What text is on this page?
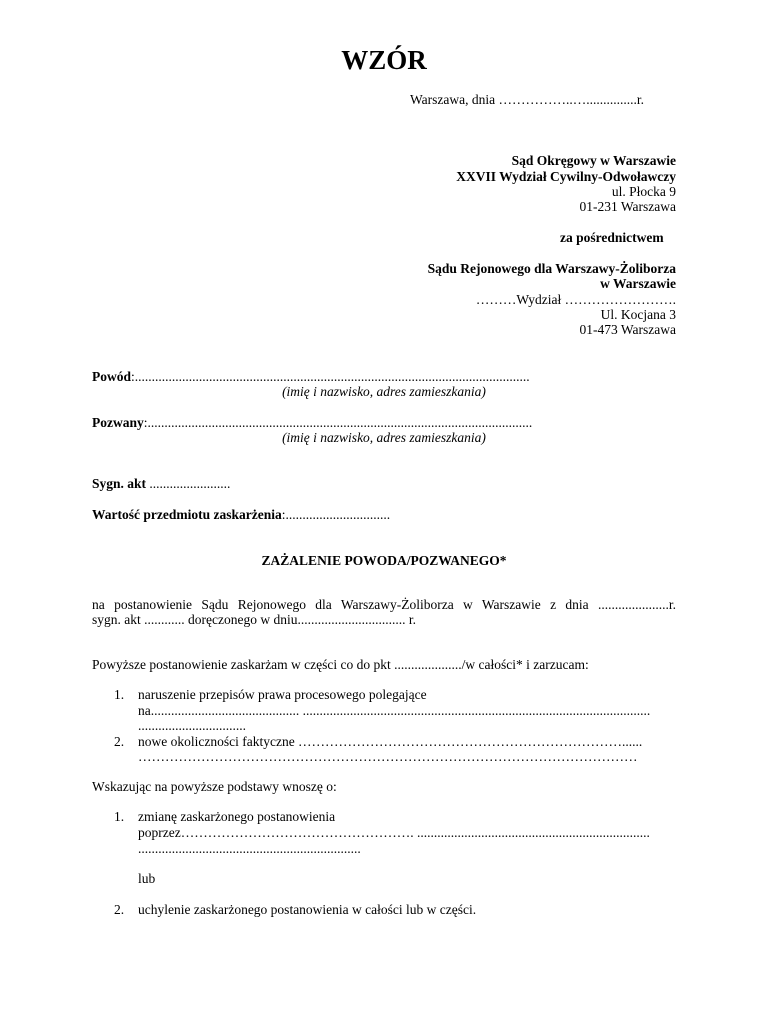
WZÓR
Warszawa, dnia ……………..…...............r.
Sąd Okręgowy w Warszawie
XXVII Wydział Cywilny-Odwoławczy
ul. Płocka 9
01-231 Warszawa
za pośrednictwem
Sądu Rejonowego dla Warszawy-Żoliborza
w Warszawie
………Wydział …………………….
Ul. Kocjana 3
01-473 Warszawa
Powód:.....................................................................................................................
(imię i nazwisko, adres zamieszkania)
Pozwany:..................................................................................................................
(imię i nazwisko, adres zamieszkania)
Sygn. akt ........................
Wartość przedmiotu zaskarżenia:...............................
ZAŻALENIE POWODA/POZWANEGO*
na postanowienie Sądu Rejonowego dla Warszawy-Żoliborza w Warszawie z dnia .....................r.
sygn. akt ............ doręczonego w dniu................................ r.
Powyższe postanowienie zaskarżam w części co do pkt ..................../w całości* i zarzucam:
1. naruszenie przepisów prawa procesowego polegające
na............................................ .......................................................................................................
................................
2. nowe okoliczności faktyczne ………………………………………………………………......
…………………………………………………………………………………………………
Wskazując na powyższe podstawy wnoszę o:
1. zmianę zaskarżonego postanowienia
poprzez……………………………………………. .....................................................................
..................................................................
lub
2. uchylenie zaskarżonego postanowienia w całości lub w części.
